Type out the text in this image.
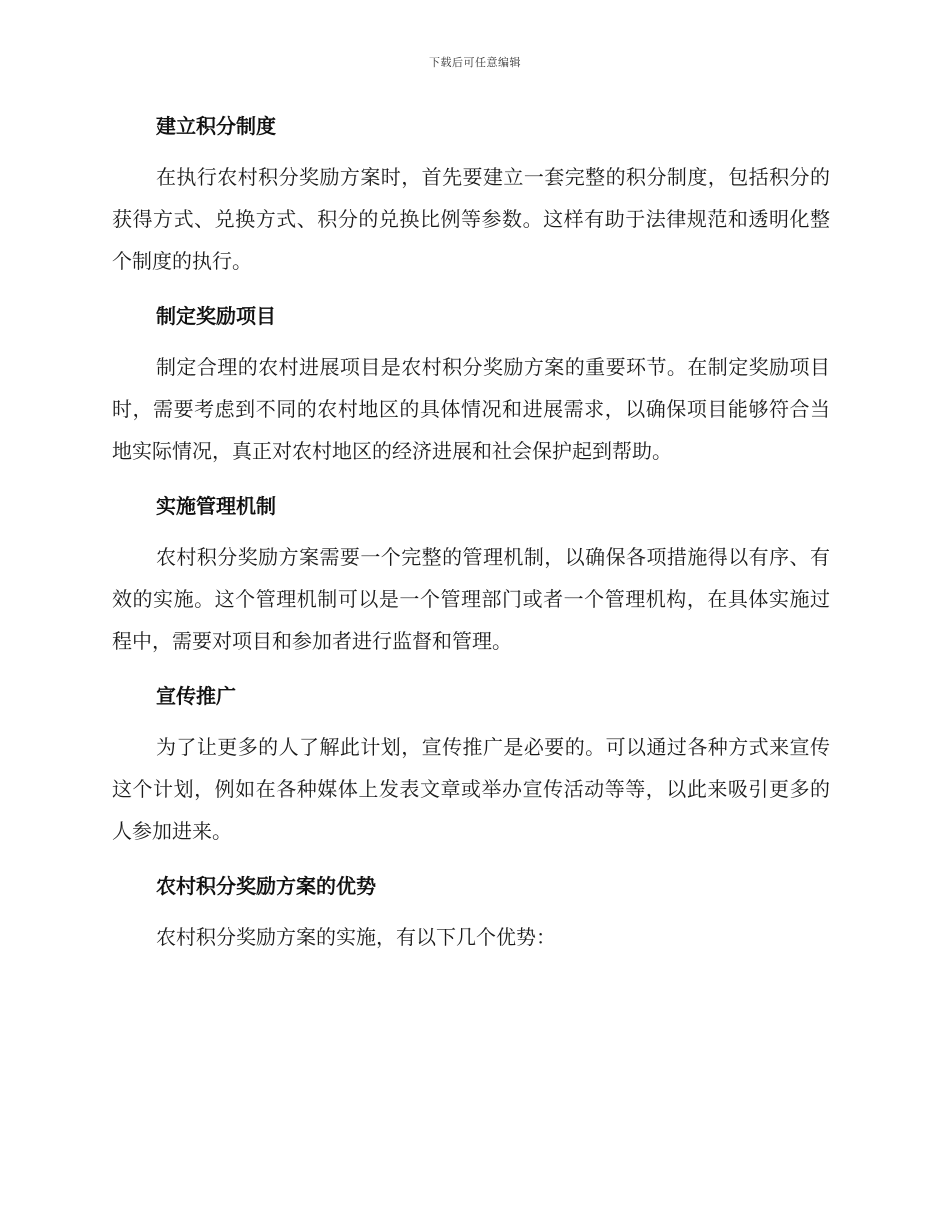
下载后可任意编辑
建立积分制度

在执行农村积分奖励方案时，首先要建立一套完整的积分制度，包括积分的获得方式、兑换方式、积分的兑换比例等参数。这样有助于法律规范和透明化整个制度的执行。

制定奖励项目

制定合理的农村进展项目是农村积分奖励方案的重要环节。在制定奖励项目时，需要考虑到不同的农村地区的具体情况和进展需求，以确保项目能够符合当地实际情况，真正对农村地区的经济进展和社会保护起到帮助。

实施管理机制

农村积分奖励方案需要一个完整的管理机制，以确保各项措施得以有序、有效的实施。这个管理机制可以是一个管理部门或者一个管理机构，在具体实施过程中，需要对项目和参加者进行监督和管理。

宣传推广

为了让更多的人了解此计划，宣传推广是必要的。可以通过各种方式来宣传这个计划，例如在各种媒体上发表文章或举办宣传活动等等，以此来吸引更多的人参加进来。

农村积分奖励方案的优势

农村积分奖励方案的实施，有以下几个优势：
